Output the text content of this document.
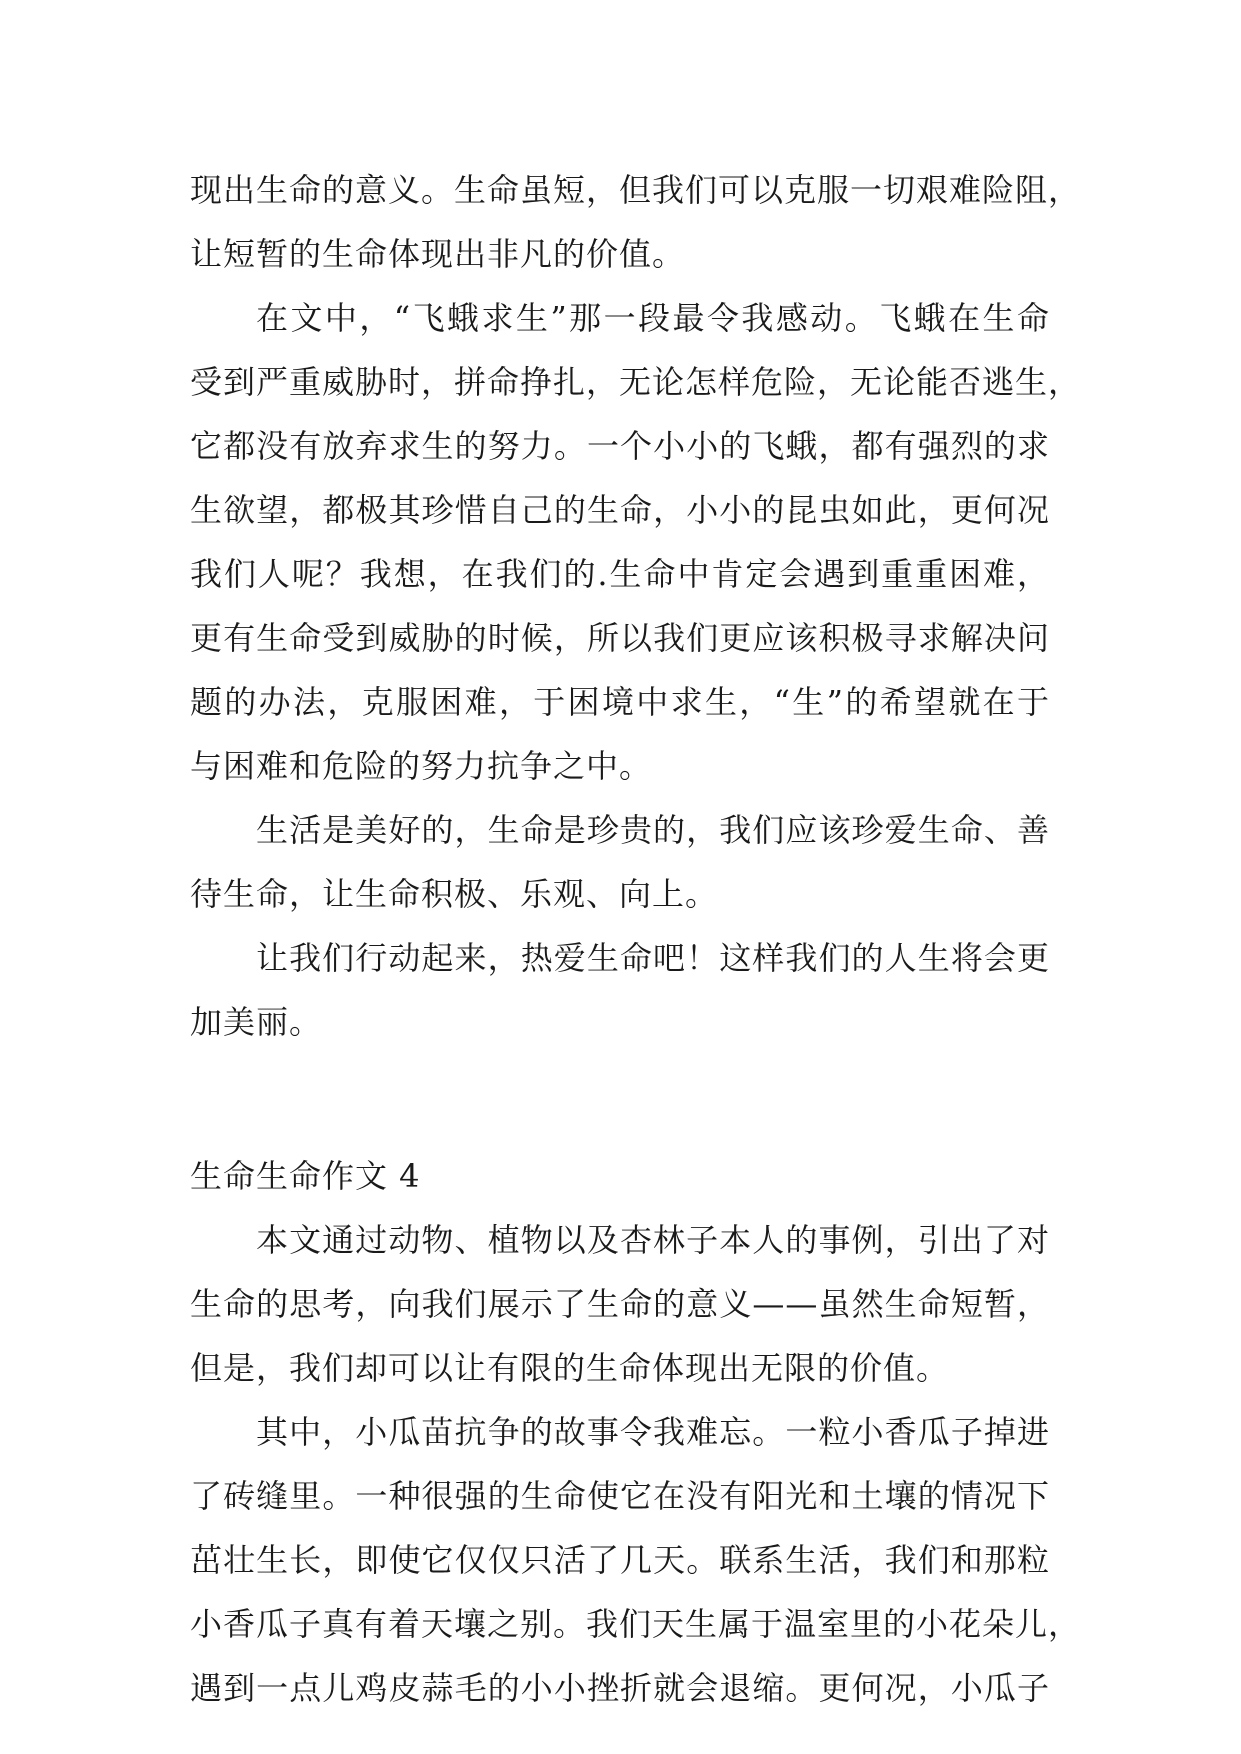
现出生命的意义。生命虽短，但我们可以克服一切艰难险阻，
让短暂的生命体现出非凡的价值。
在文中，“飞蛾求生”那一段最令我感动。飞蛾在生命
受到严重威胁时，拼命挣扎，无论怎样危险，无论能否逃生，
它都没有放弃求生的努力。一个小小的飞蛾，都有强烈的求
生欲望，都极其珍惜自己的生命，小小的昆虫如此，更何况
我们人呢？我想，在我们的.生命中肯定会遇到重重困难，
更有生命受到威胁的时候，所以我们更应该积极寻求解决问
题的办法，克服困难，于困境中求生，“生”的希望就在于
与困难和危险的努力抗争之中。
生活是美好的，生命是珍贵的，我们应该珍爱生命、善
待生命，让生命积极、乐观、向上。
让我们行动起来，热爱生命吧！这样我们的人生将会更
加美丽。
生命生命作文 4
本文通过动物、植物以及杏林子本人的事例，引出了对
生命的思考，向我们展示了生命的意义——虽然生命短暂，
但是，我们却可以让有限的生命体现出无限的价值。
其中，小瓜苗抗争的故事令我难忘。一粒小香瓜子掉进
了砖缝里。一种很强的生命使它在没有阳光和土壤的情况下
茁壮生长，即使它仅仅只活了几天。联系生活，我们和那粒
小香瓜子真有着天壤之别。我们天生属于温室里的小花朵儿，
遇到一点儿鸡皮蒜毛的小小挫折就会退缩。更何况，小瓜子
